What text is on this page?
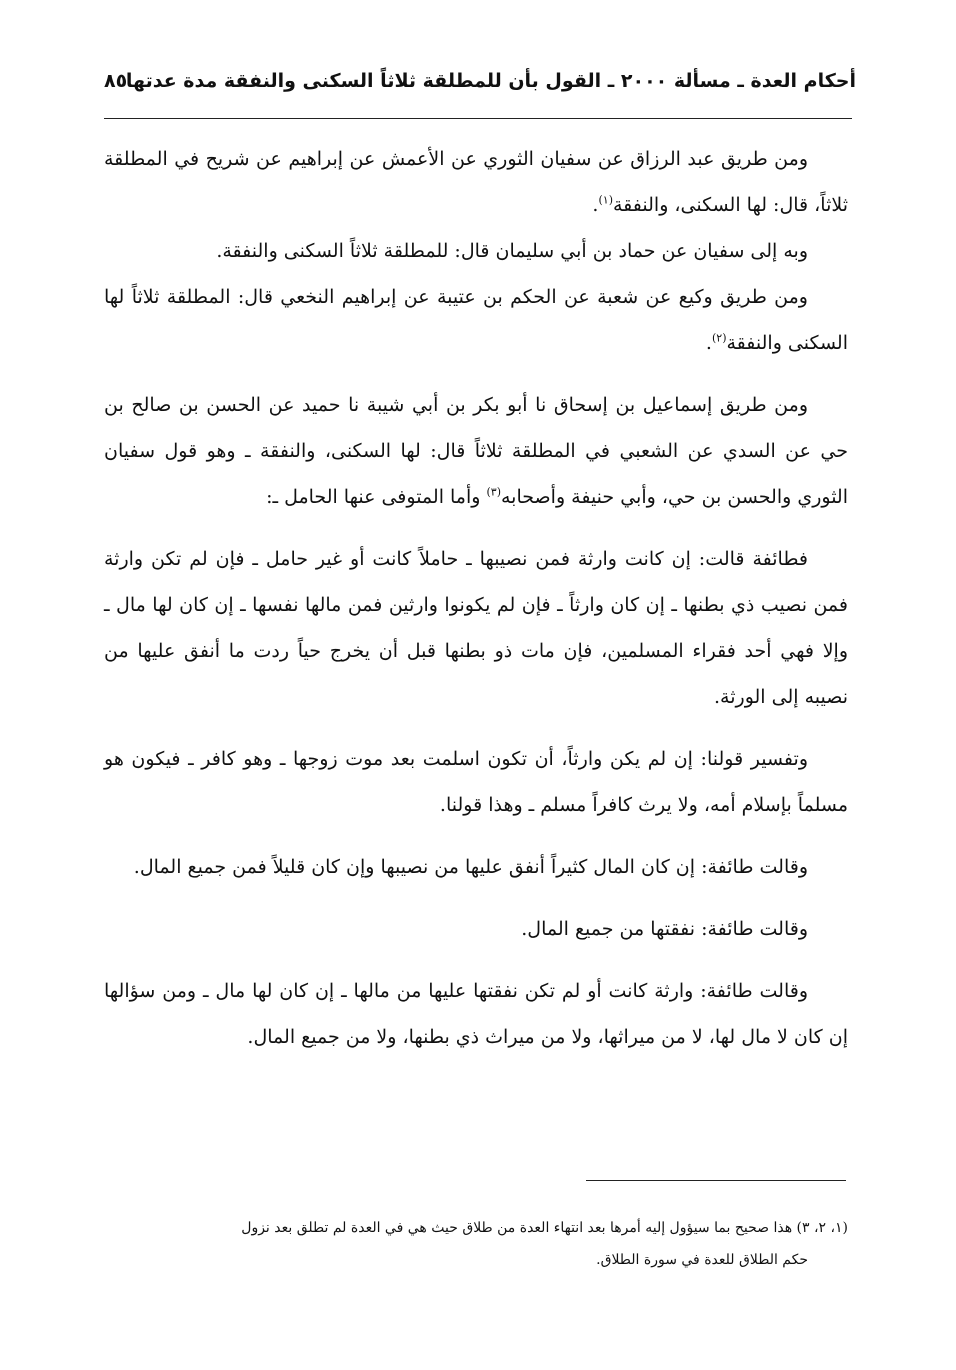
أحكام العدة ـ مسألة ٢٠٠٠ ـ القول بأن للمطلقة ثلاثاً السكنى والنفقة مدة عدتها
٨٥

ومن طريق عبد الرزاق عن سفيان الثوري عن الأعمش عن إبراهيم عن شريح في المطلقة ثلاثاً، قال: لها السكنى، والنفقة$^{(١)}$.

وبه إلى سفيان عن حماد بن أبي سليمان قال: للمطلقة ثلاثاً السكنى والنفقة.

ومن طريق وكيع عن شعبة عن الحكم بن عتيبة عن إبراهيم النخعي قال: المطلقة ثلاثاً لها السكنى والنفقة$^{(٢)}$.

ومن طريق إسماعيل بن إسحاق نا أبو بكر بن أبي شيبة نا حميد عن الحسن بن صالح بن حي عن السدي عن الشعبي في المطلقة ثلاثاً قال: لها السكنى، والنفقة ـ وهو قول سفيان الثوري والحسن بن حي، وأبي حنيفة وأصحابه$^{(٣)}$ وأما المتوفى عنها الحامل ـ:

فطائفة قالت: إن كانت وارثة فمن نصيبها ـ حاملاً كانت أو غير حامل ـ فإن لم تكن وارثة فمن نصيب ذي بطنها ـ إن كان وارثاً ـ فإن لم يكونوا وارثين فمن مالها نفسها ـ إن كان لها مال ـ وإلا فهي أحد فقراء المسلمين، فإن مات ذو بطنها قبل أن يخرج حياً ردت ما أنفق عليها من نصيبه إلى الورثة.

وتفسير قولنا: إن لم يكن وارثاً، أن تكون اسلمت بعد موت زوجها ـ وهو كافر ـ فيكون هو مسلماً بإسلام أمه، ولا يرث كافراً مسلم ـ وهذا قولنا.

وقالت طائفة: إن كان المال كثيراً أنفق عليها من نصيبها وإن كان قليلاً فمن جميع المال.

وقالت طائفة: نفقتها من جميع المال.

وقالت طائفة: وارثة كانت أو لم تكن نفقتها عليها من مالها ـ إن كان لها مال ـ ومن سؤالها إن كان لا مال لها، لا من ميراثها، ولا من ميراث ذي بطنها، ولا من جميع المال.

(١، ٢، ٣) هذا صحيح بما سيؤول إليه أمرها بعد انتهاء العدة من طلاق حيث هي في العدة لم تطلق بعد نزول

حكم الطلاق للعدة في سورة الطلاق.
